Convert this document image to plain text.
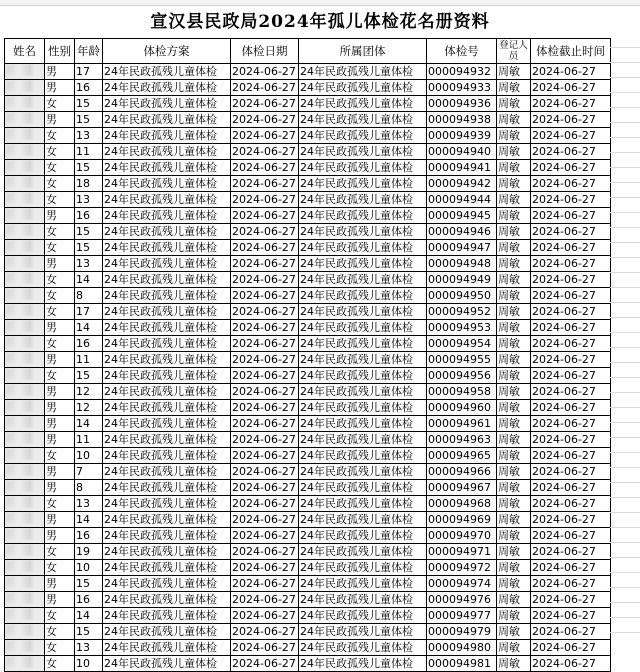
宣汉县民政局2024年孤儿体检花名册资料
姓名	性别	年龄	体检方案	体检日期	所属团体	体检号	登记人员	体检截止时间
	男	17	24年民政孤残儿童体检	2024-06-27	24年民政孤残儿童体检	000094932	周敏	2024-06-27
	男	16	24年民政孤残儿童体检	2024-06-27	24年民政孤残儿童体检	000094933	周敏	2024-06-27
	女	15	24年民政孤残儿童体检	2024-06-27	24年民政孤残儿童体检	000094936	周敏	2024-06-27
	男	15	24年民政孤残儿童体检	2024-06-27	24年民政孤残儿童体检	000094938	周敏	2024-06-27
	女	13	24年民政孤残儿童体检	2024-06-27	24年民政孤残儿童体检	000094939	周敏	2024-06-27
	女	11	24年民政孤残儿童体检	2024-06-27	24年民政孤残儿童体检	000094940	周敏	2024-06-27
	女	15	24年民政孤残儿童体检	2024-06-27	24年民政孤残儿童体检	000094941	周敏	2024-06-27
	女	18	24年民政孤残儿童体检	2024-06-27	24年民政孤残儿童体检	000094942	周敏	2024-06-27
	女	13	24年民政孤残儿童体检	2024-06-27	24年民政孤残儿童体检	000094944	周敏	2024-06-27
	男	16	24年民政孤残儿童体检	2024-06-27	24年民政孤残儿童体检	000094945	周敏	2024-06-27
	女	15	24年民政孤残儿童体检	2024-06-27	24年民政孤残儿童体检	000094946	周敏	2024-06-27
	女	15	24年民政孤残儿童体检	2024-06-27	24年民政孤残儿童体检	000094947	周敏	2024-06-27
	男	13	24年民政孤残儿童体检	2024-06-27	24年民政孤残儿童体检	000094948	周敏	2024-06-27
	女	14	24年民政孤残儿童体检	2024-06-27	24年民政孤残儿童体检	000094949	周敏	2024-06-27
	女	8	24年民政孤残儿童体检	2024-06-27	24年民政孤残儿童体检	000094950	周敏	2024-06-27
	女	17	24年民政孤残儿童体检	2024-06-27	24年民政孤残儿童体检	000094952	周敏	2024-06-27
	男	14	24年民政孤残儿童体检	2024-06-27	24年民政孤残儿童体检	000094953	周敏	2024-06-27
	女	16	24年民政孤残儿童体检	2024-06-27	24年民政孤残儿童体检	000094954	周敏	2024-06-27
	男	11	24年民政孤残儿童体检	2024-06-27	24年民政孤残儿童体检	000094955	周敏	2024-06-27
	女	15	24年民政孤残儿童体检	2024-06-27	24年民政孤残儿童体检	000094956	周敏	2024-06-27
	男	12	24年民政孤残儿童体检	2024-06-27	24年民政孤残儿童体检	000094958	周敏	2024-06-27
	男	12	24年民政孤残儿童体检	2024-06-27	24年民政孤残儿童体检	000094960	周敏	2024-06-27
	男	14	24年民政孤残儿童体检	2024-06-27	24年民政孤残儿童体检	000094961	周敏	2024-06-27
	男	11	24年民政孤残儿童体检	2024-06-27	24年民政孤残儿童体检	000094963	周敏	2024-06-27
	女	10	24年民政孤残儿童体检	2024-06-27	24年民政孤残儿童体检	000094965	周敏	2024-06-27
	男	7	24年民政孤残儿童体检	2024-06-27	24年民政孤残儿童体检	000094966	周敏	2024-06-27
	男	8	24年民政孤残儿童体检	2024-06-27	24年民政孤残儿童体检	000094967	周敏	2024-06-27
	女	13	24年民政孤残儿童体检	2024-06-27	24年民政孤残儿童体检	000094968	周敏	2024-06-27
	男	14	24年民政孤残儿童体检	2024-06-27	24年民政孤残儿童体检	000094969	周敏	2024-06-27
	男	16	24年民政孤残儿童体检	2024-06-27	24年民政孤残儿童体检	000094970	周敏	2024-06-27
	女	19	24年民政孤残儿童体检	2024-06-27	24年民政孤残儿童体检	000094971	周敏	2024-06-27
	女	10	24年民政孤残儿童体检	2024-06-27	24年民政孤残儿童体检	000094972	周敏	2024-06-27
	男	15	24年民政孤残儿童体检	2024-06-27	24年民政孤残儿童体检	000094974	周敏	2024-06-27
	男	16	24年民政孤残儿童体检	2024-06-27	24年民政孤残儿童体检	000094976	周敏	2024-06-27
	女	14	24年民政孤残儿童体检	2024-06-27	24年民政孤残儿童体检	000094977	周敏	2024-06-27
	女	15	24年民政孤残儿童体检	2024-06-27	24年民政孤残儿童体检	000094979	周敏	2024-06-27
	女	13	24年民政孤残儿童体检	2024-06-27	24年民政孤残儿童体检	000094980	周敏	2024-06-27
	女	10	24年民政孤残儿童体检	2024-06-27	24年民政孤残儿童体检	000094981	周敏	2024-06-27
